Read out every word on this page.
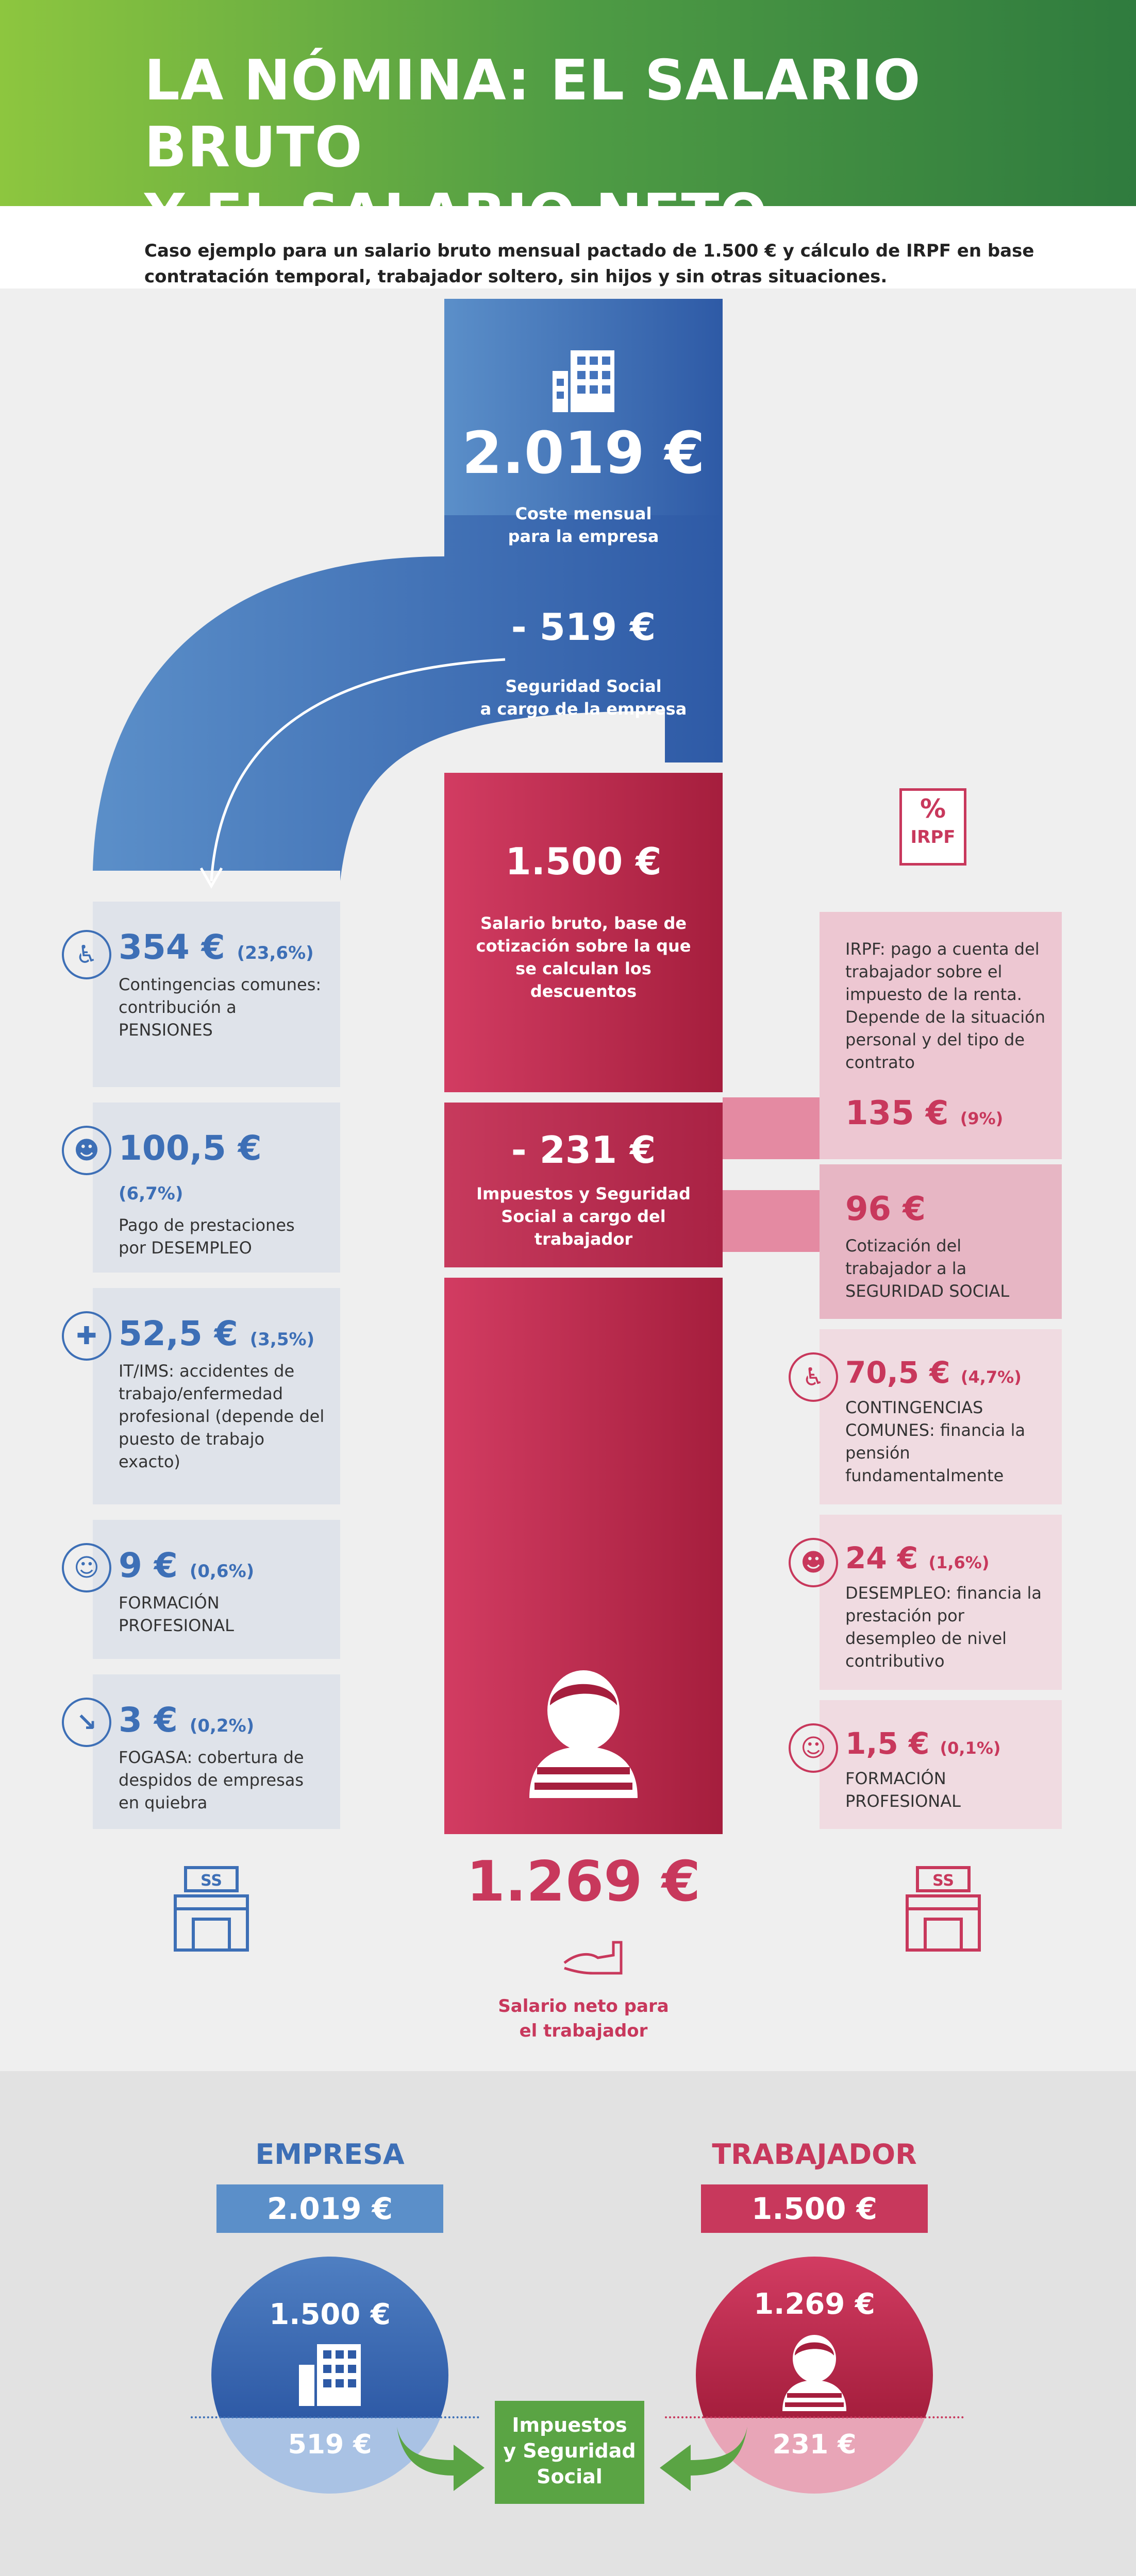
LA NÓMINA: EL SALARIO BRUTO
Y EL SALARIO NETO
Caso ejemplo para un salario bruto mensual pactado de 1.500 € y cálculo de IRPF en base contratación temporal, trabajador soltero, sin hijos y sin otras situaciones.
2.019 €
Coste mensual
para la empresa
- 519 €
Seguridad Social
a cargo de la empresa
♿ 354 € (23,6%)
Contingencias comunes: contribución a PENSIONES
☻ 100,5 € (6,7%)
Pago de prestaciones por DESEMPLEO
✚ 52,5 € (3,5%)
IT/IMS: accidentes de trabajo/enfermedad profesional (depende del puesto de trabajo exacto)
☺ 9 € (0,6%)
FORMACIÓN PROFESIONAL
↘ 3 € (0,2%)
FOGASA: cobertura de despidos de empresas en quiebra
SS	SS
1.500 €
Salario bruto, base de cotización sobre la que se calculan los descuentos
- 231 €
Impuestos y Seguridad Social a cargo del trabajador
1.269 €
Salario neto para
el trabajador
%
IRPF
IRPF: pago a cuenta del trabajador sobre el impuesto de la renta. Depende de la situación personal y del tipo de contrato
135 € (9%)
96 €
Cotización del trabajador a la SEGURIDAD SOCIAL
♿ 70,5 € (4,7%)
CONTINGENCIAS COMUNES: financia la pensión fundamentalmente
☻ 24 € (1,6%)
DESEMPLEO: financia la prestación por desempleo de nivel contributivo
☺ 1,5 € (0,1%)
FORMACIÓN PROFESIONAL
EMPRESA
2.019 €
TRABAJADOR
1.500 €
1.500 €
519 €
1.269 €
231 €
Impuestos
y Seguridad
Social
